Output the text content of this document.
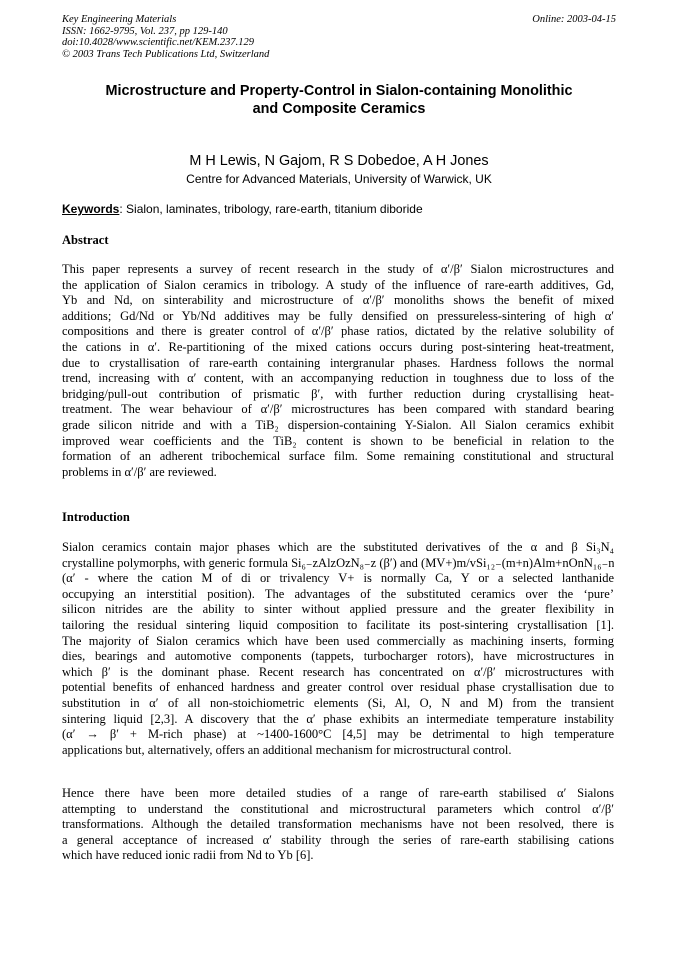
Key Engineering Materials
ISSN: 1662-9795, Vol. 237, pp 129-140
doi:10.4028/www.scientific.net/KEM.237.129
© 2003 Trans Tech Publications Ltd, Switzerland
Online: 2003-04-15
Microstructure and Property-Control in Sialon-containing Monolithic
and Composite Ceramics
M H Lewis, N Gajom, R S Dobedoe, A H Jones
Centre for Advanced Materials, University of Warwick, UK
Keywords: Sialon, laminates, tribology, rare-earth, titanium diboride
Abstract
This paper represents a survey of recent research in the study of α′/β′ Sialon microstructures and
the application of Sialon ceramics in tribology. A study of the influence of rare-earth additives, Gd,
Yb and Nd, on sinterability and microstructure of α′/β′ monoliths shows the benefit of mixed
additions; Gd/Nd or Yb/Nd additives may be fully densified on pressureless-sintering of high α′
compositions and there is greater control of α′/β′ phase ratios, dictated by the relative solubility of
the cations in α′. Re-partitioning of the mixed cations occurs during post-sintering heat-treatment,
due to crystallisation of rare-earth containing intergranular phases. Hardness follows the normal
trend, increasing with α′ content, with an accompanying reduction in toughness due to loss of the
bridging/pull-out contribution of prismatic β′, with further reduction during crystallising heat-
treatment. The wear behaviour of α′/β′ microstructures has been compared with standard bearing
grade silicon nitride and with a TiB₂ dispersion-containing Y-Sialon. All Sialon ceramics exhibit
improved wear coefficients and the TiB₂ content is shown to be beneficial in relation to the
formation of an adherent tribochemical surface film. Some remaining constitutional and structural
problems in α′/β′ are reviewed.
Introduction
Sialon ceramics contain major phases which are the substituted derivatives of the α and β Si₃N₄
crystalline polymorphs, with generic formula Si₆₋zAlzOzN₈₋z (β′) and (MV+)m/vSi₁₂₋(m+n)Alm+nOnN₁₆₋n
(α′ - where the cation M of di or trivalency V+ is normally Ca, Y or a selected lanthanide
occupying an interstitial position). The advantages of the substituted ceramics over the ‘pure’
silicon nitrides are the ability to sinter without applied pressure and the greater flexibility in
tailoring the residual sintering liquid composition to facilitate its post-sintering crystallisation [1].
The majority of Sialon ceramics which have been used commercially as machining inserts, forming
dies, bearings and automotive components (tappets, turbocharger rotors), have microstructures in
which β′ is the dominant phase. Recent research has concentrated on α′/β′ microstructures with
potential benefits of enhanced hardness and greater control over residual phase crystallisation due to
substitution in α′ of all non-stoichiometric elements (Si, Al, O, N and M) from the transient
sintering liquid [2,3]. A discovery that the α′ phase exhibits an intermediate temperature instability
(α′ → β′ + M-rich phase) at ~1400-1600°C [4,5] may be detrimental to high temperature
applications but, alternatively, offers an additional mechanism for microstructural control.
Hence there have been more detailed studies of a range of rare-earth stabilised α′ Sialons
attempting to understand the constitutional and microstructural parameters which control α′/β′
transformations. Although the detailed transformation mechanisms have not been resolved, there is
a general acceptance of increased α′ stability through the series of rare-earth stabilising cations
which have reduced ionic radii from Nd to Yb [6].
